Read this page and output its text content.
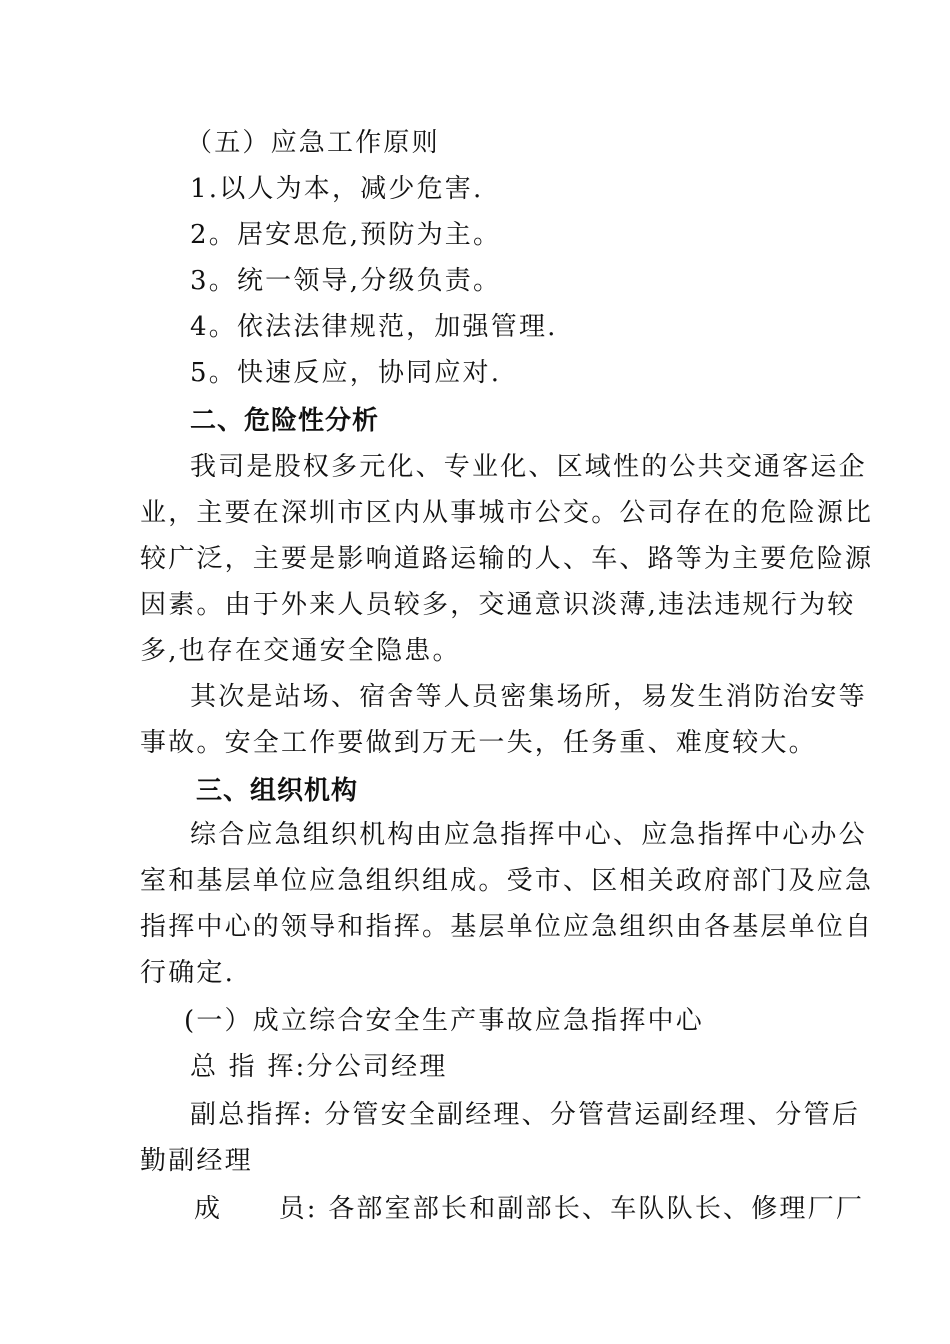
（五）应急工作原则
1.以人为本，减少危害.
2。居安思危,预防为主。
3。统一领导,分级负责。
4。依法法律规范，加强管理.
5。快速反应，协同应对.
二、危险性分析
我司是股权多元化、专业化、区域性的公共交通客运企
业，主要在深圳市区内从事城市公交。公司存在的危险源比
较广泛，主要是影响道路运输的人、车、路等为主要危险源
因素。由于外来人员较多，交通意识淡薄,违法违规行为较
多,也存在交通安全隐患。
其次是站场、宿舍等人员密集场所，易发生消防治安等
事故。安全工作要做到万无一失，任务重、难度较大。
三、组织机构
综合应急组织机构由应急指挥中心、应急指挥中心办公
室和基层单位应急组织组成。受市、区相关政府部门及应急
指挥中心的领导和指挥。基层单位应急组织由各基层单位自
行确定.
(一）成立综合安全生产事故应急指挥中心
总 指 挥:分公司经理
副总指挥: 分管安全副经理、分管营运副经理、分管后
勤副经理
成　　员: 各部室部长和副部长、车队队长、修理厂厂
